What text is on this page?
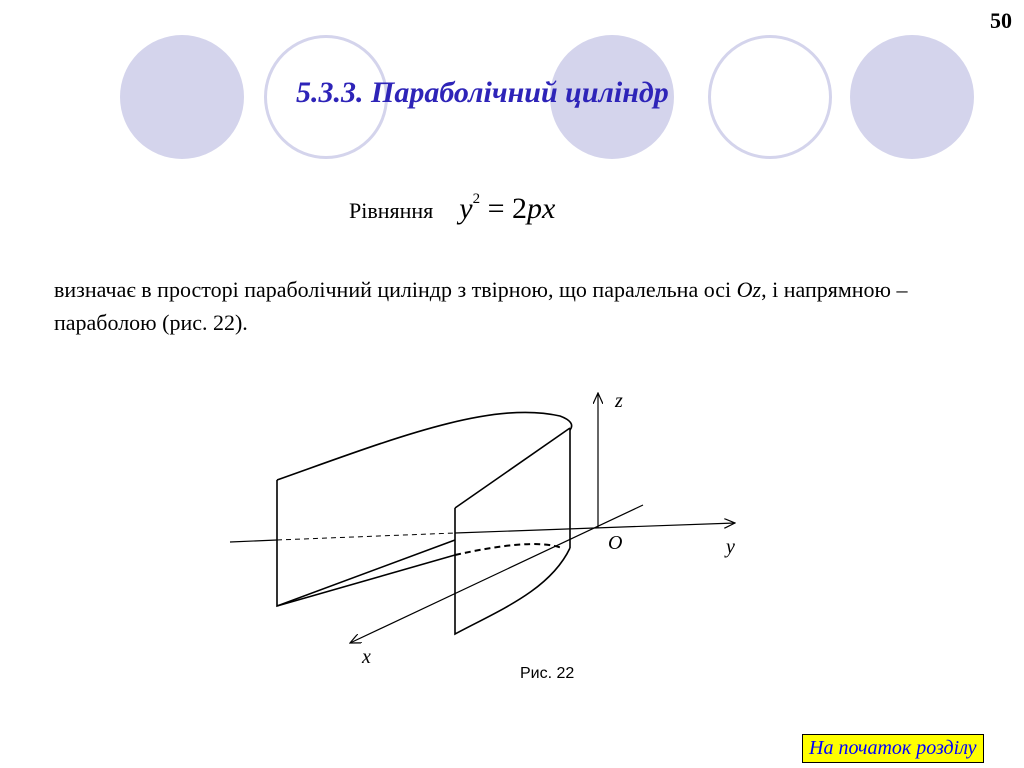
50
5.3.3. Параболічний циліндр
Рівняння $y^2 = 2px$
визначає в просторі параболічний циліндр з твірною, що паралельна осі Oz, і напрямною – параболою (рис. 22).
z
O	y
x
Рис. 22
На початок розділу
